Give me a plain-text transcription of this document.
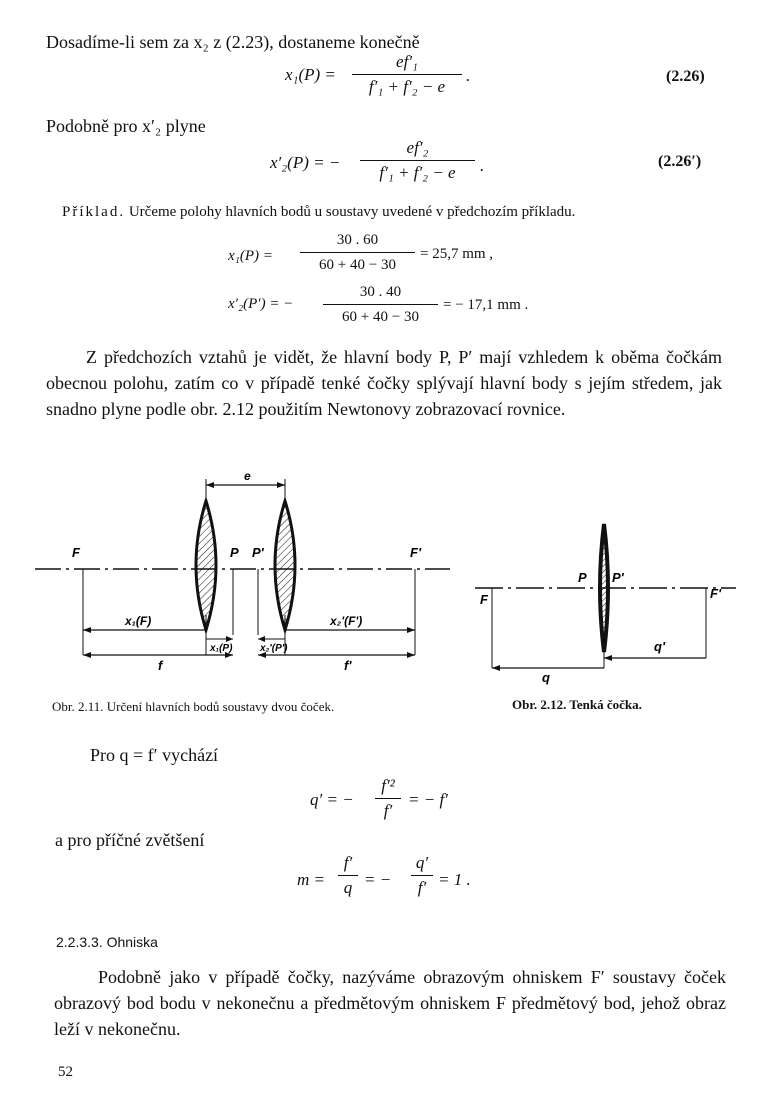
Dosadíme-li sem za x₂ z (2.23), dostaneme konečně
x₁(P) =
ef′₁
f′₁ + f′₂ − e
.	(2.26)
Podobně pro x′₂ plyne
x′₂(P) = −
ef′₂
f′₁ + f′₂ − e	.	(2.26′)
Příklad. Určeme polohy hlavních bodů u soustavy uvedené v předchozím příkladu.
x₁(P) =
30 . 60
60 + 40 − 30
= 25,7 mm ,
x′₂(P′) = −
30 . 40
60 + 40 − 30
= − 17,1 mm .
Z předchozích vztahů je vidět, že hlavní body P, P′ mají vzhledem k oběma čočkám obecnou polohu, zatím co v případě tenké čočky splývají hlavní body s jejím středem, jak snadno plyne podle obr. 2.12 použitím Newtonovy zobrazovací rovnice.
e
F	P P'	F'
x₁(F)	x₂'(F')
x₁(P)	x₂'(P')
f	f'
Obr. 2.11. Určení hlavních bodů soustavy dvou čoček.
P P'
F	F'
q'
q
Obr. 2.12. Tenká čočka.
Pro q = f′ vychází
q′ = −
f′²
f′
= − f′
a pro příčné zvětšení
m =
f′
q = −
q′
f′ = 1 .
2.2.3.3. Ohniska
Podobně jako v případě čočky, nazýváme obrazovým ohniskem F′ soustavy čoček obrazový bod bodu v nekonečnu a předmětovým ohniskem F předmětový bod, jehož obraz leží v nekonečnu.
52
